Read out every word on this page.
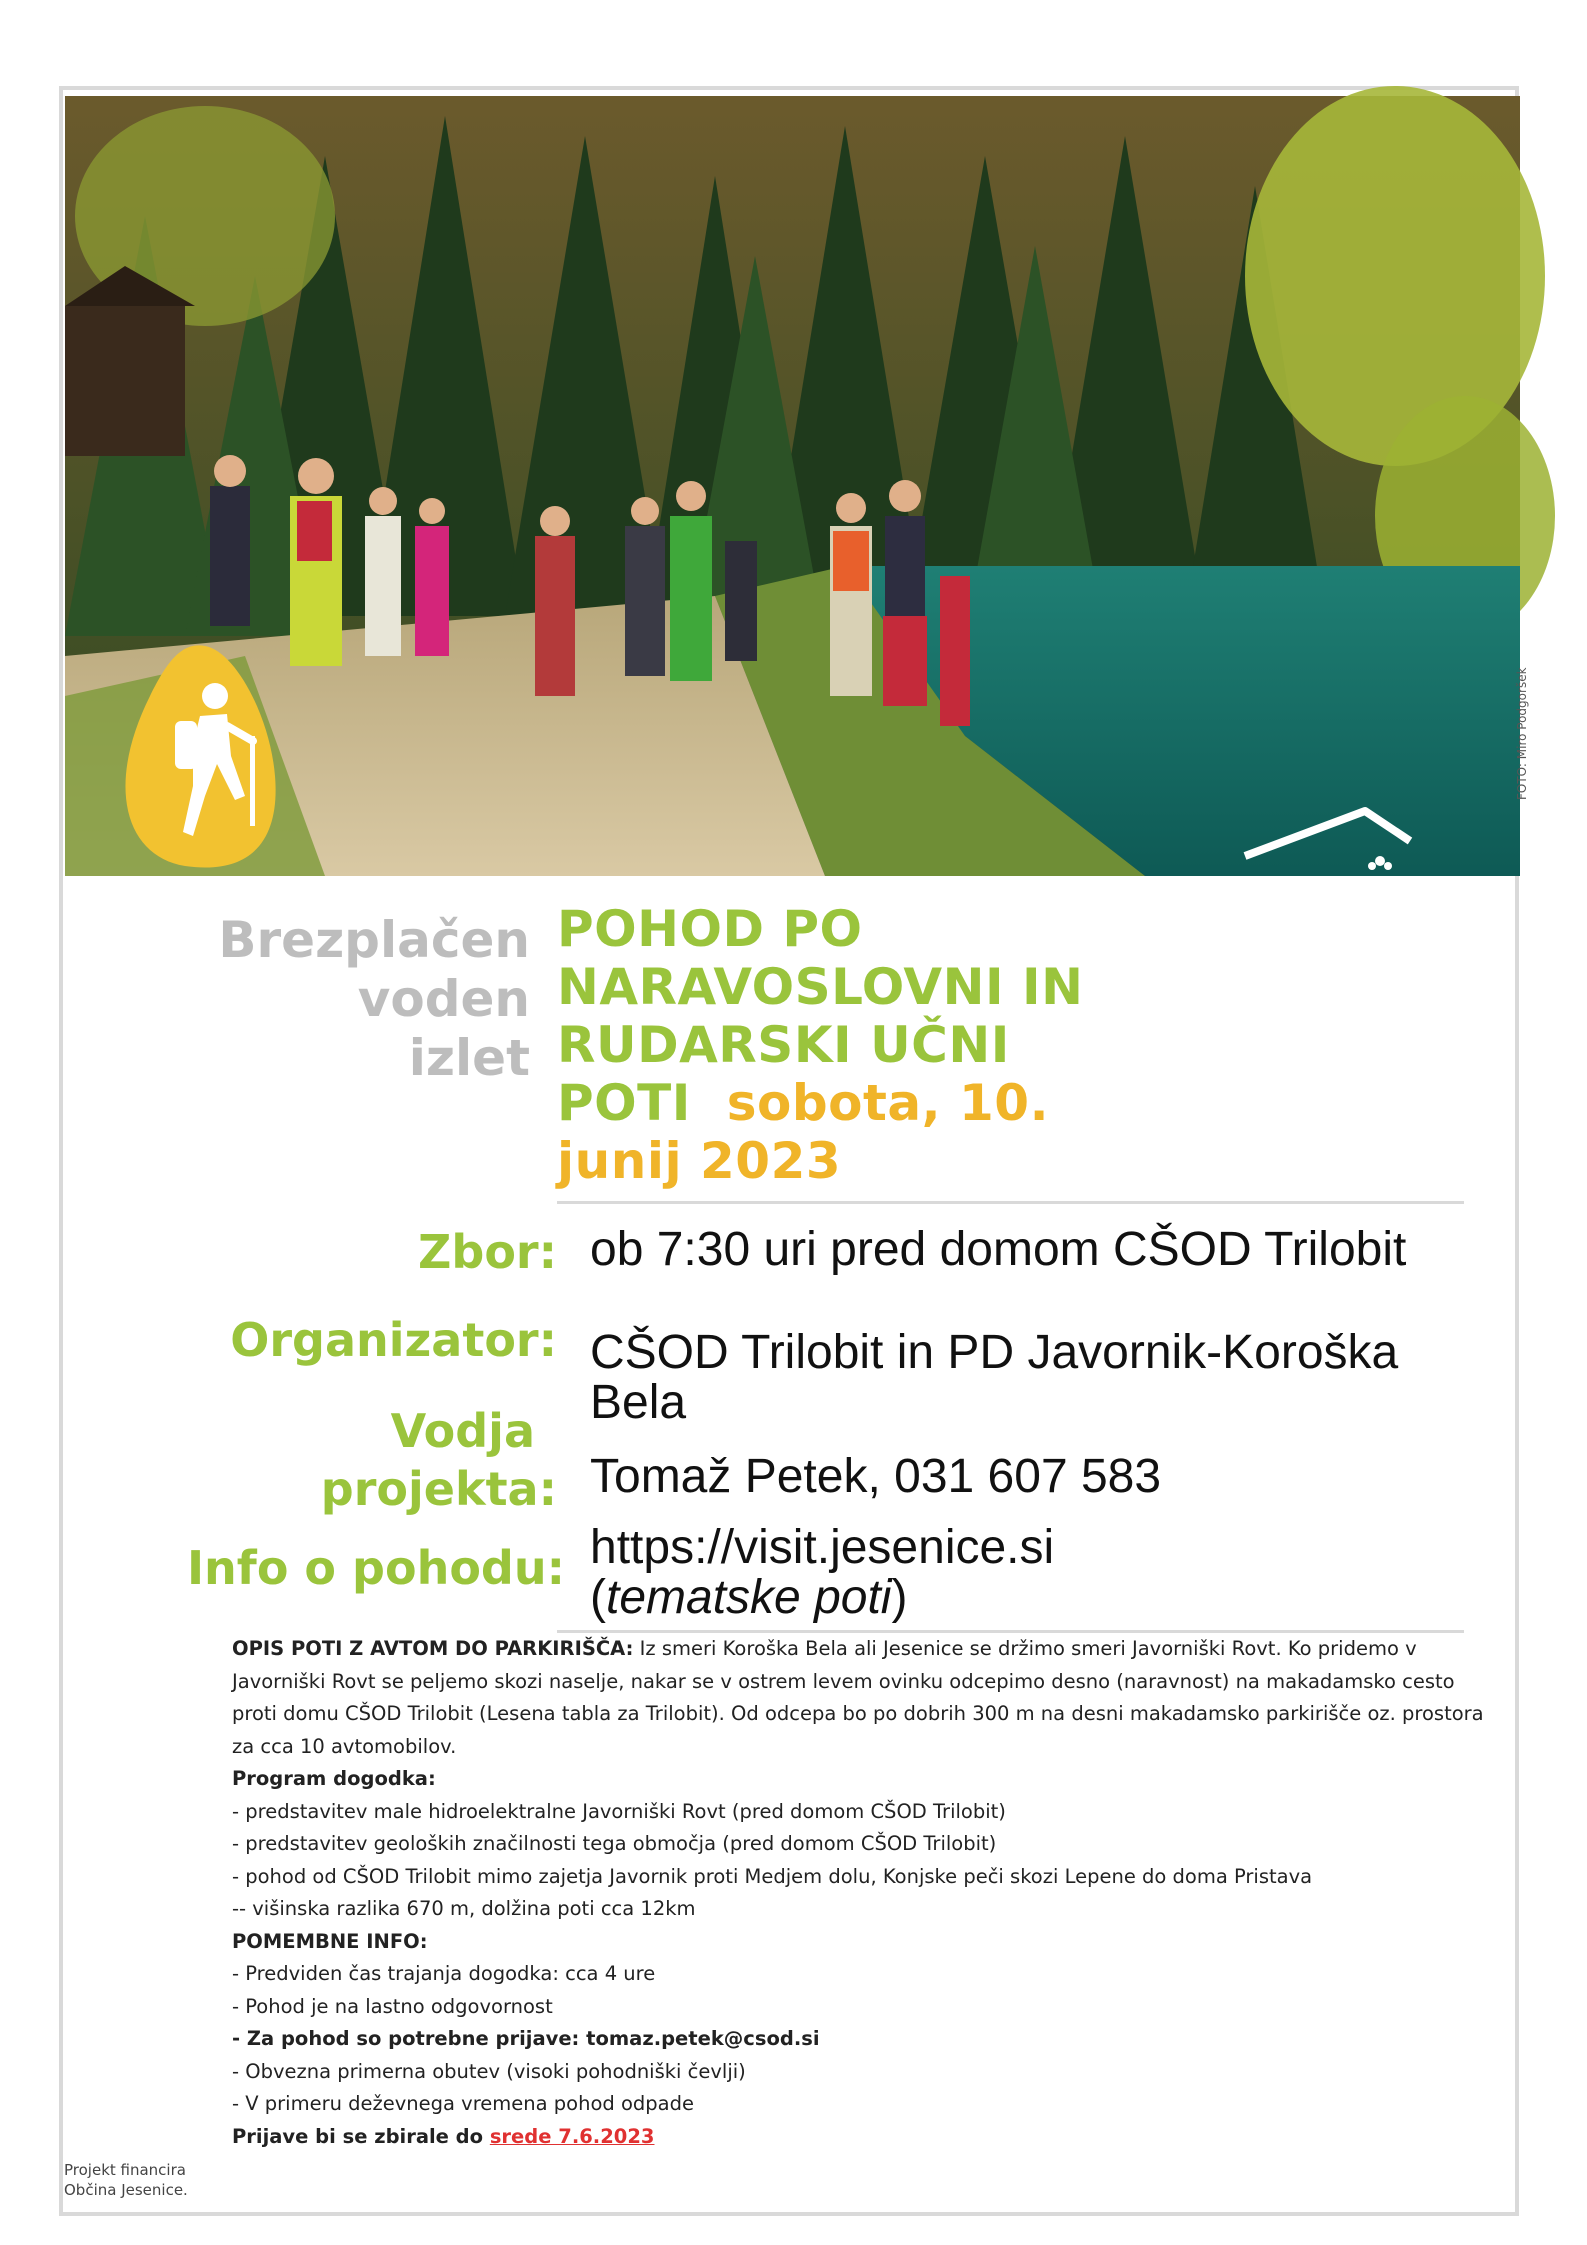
Jesenice
FOTO: Miro Podgoršek
Brezplačen
voden
izlet
POHOD PO
NARAVOSLOVNI IN
RUDARSKI UČNI
POTI sobota, 10.
junij 2023
Zbor: ob 7:30 uri pred domom CŠOD Trilobit
Organizator: CŠOD Trilobit in PD Javornik-Koroška Bela
Vodja
projekta: Tomaž Petek, 031 607 583
Info o pohodu: https://visit.jesenice.si
(tematske poti)

OPIS POTI Z AVTOM DO PARKIRIŠČA: Iz smeri Koroška Bela ali Jesenice se držimo smeri Javorniški Rovt. Ko pridemo v Javorniški Rovt se peljemo skozi naselje, nakar se v ostrem levem ovinku odcepimo desno (naravnost) na makadamsko cesto proti domu CŠOD Trilobit (Lesena tabla za Trilobit). Od odcepa bo po dobrih 300 m na desni makadamsko parkirišče oz. prostora za cca 10 avtomobilov.

Program dogodka:

- predstavitev male hidroelektralne Javorniški Rovt (pred domom CŠOD Trilobit)

- predstavitev geoloških značilnosti tega območja (pred domom CŠOD Trilobit)

- pohod od CŠOD Trilobit mimo zajetja Javornik proti Medjem dolu, Konjske peči skozi Lepene do doma Pristava

-- višinska razlika 670 m, dolžina poti cca 12km

POMEMBNE INFO:

- Predviden čas trajanja dogodka: cca 4 ure

- Pohod je na lastno odgovornost

- Za pohod so potrebne prijave: tomaz.petek@csod.si

- Obvezna primerna obutev (visoki pohodniški čevlji)

- V primeru deževnega vremena pohod odpade

Prijave bi se zbirale do srede 7.6.2023

Projekt financira
Občina Jesenice.
